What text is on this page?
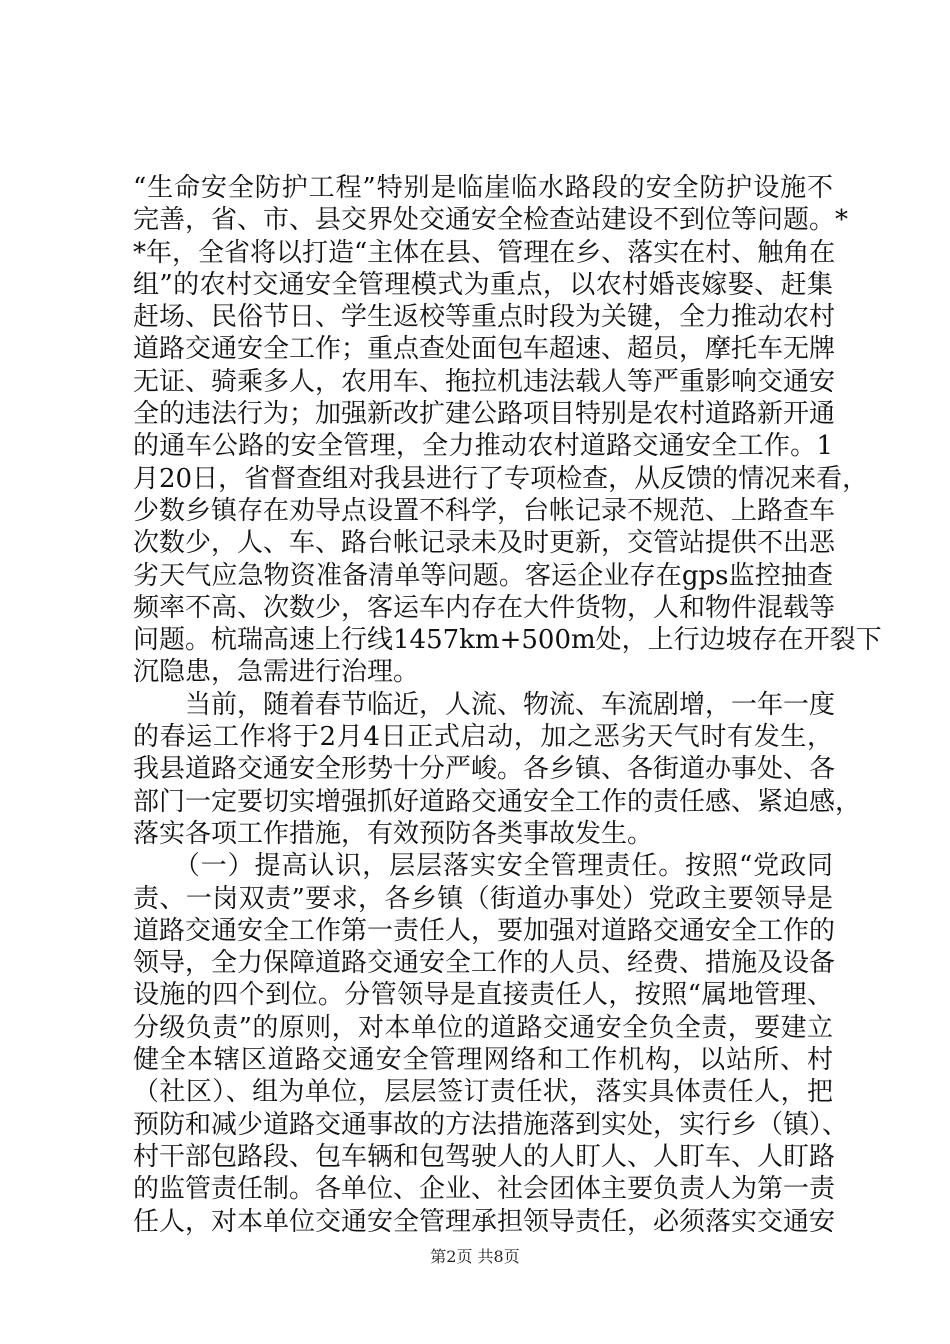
“生命安全防护工程”特别是临崖临水路段的安全防护设施不
完善，省、市、县交界处交通安全检查站建设不到位等问题。*
*年，全省将以打造“主体在县、管理在乡、落实在村、触角在
组”的农村交通安全管理模式为重点，以农村婚丧嫁娶、赶集
赶场、民俗节日、学生返校等重点时段为关键，全力推动农村
道路交通安全工作；重点查处面包车超速、超员，摩托车无牌
无证、骑乘多人，农用车、拖拉机违法载人等严重影响交通安
全的违法行为；加强新改扩建公路项目特别是农村道路新开通
的通车公路的安全管理，全力推动农村道路交通安全工作。1
月20日，省督查组对我县进行了专项检查，从反馈的情况来看，
少数乡镇存在劝导点设置不科学，台帐记录不规范、上路查车
次数少，人、车、路台帐记录未及时更新，交管站提供不出恶
劣天气应急物资准备清单等问题。客运企业存在gps监控抽查
频率不高、次数少，客运车内存在大件货物，人和物件混载等
问题。杭瑞高速上行线1457km+500m处，上行边坡存在开裂下
沉隐患，急需进行治理。
　　当前，随着春节临近，人流、物流、车流剧增，一年一度
的春运工作将于2月4日正式启动，加之恶劣天气时有发生，
我县道路交通安全形势十分严峻。各乡镇、各街道办事处、各
部门一定要切实增强抓好道路交通安全工作的责任感、紧迫感，
落实各项工作措施，有效预防各类事故发生。
　　（一）提高认识，层层落实安全管理责任。按照“党政同
责、一岗双责”要求，各乡镇（街道办事处）党政主要领导是
道路交通安全工作第一责任人，要加强对道路交通安全工作的
领导，全力保障道路交通安全工作的人员、经费、措施及设备
设施的四个到位。分管领导是直接责任人，按照“属地管理、
分级负责”的原则，对本单位的道路交通安全负全责，要建立
健全本辖区道路交通安全管理网络和工作机构，以站所、村
（社区）、组为单位，层层签订责任状，落实具体责任人，把
预防和减少道路交通事故的方法措施落到实处，实行乡（镇）、
村干部包路段、包车辆和包驾驶人的人盯人、人盯车、人盯路
的监管责任制。各单位、企业、社会团体主要负责人为第一责
任人，对本单位交通安全管理承担领导责任，必须落实交通安
第2页 共8页
